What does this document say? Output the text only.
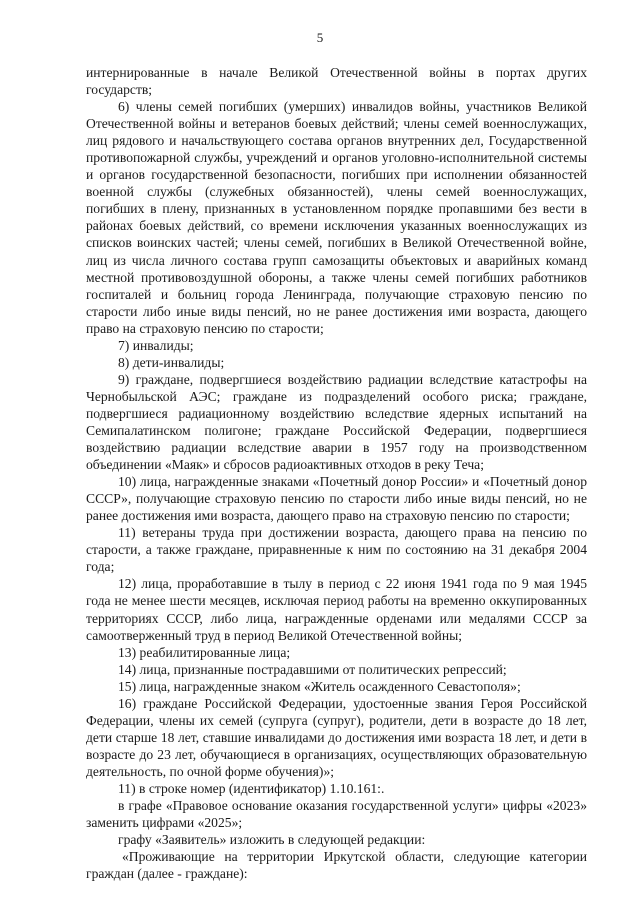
5

интернированные в начале Великой Отечественной войны в портах других государств;

6) члены семей погибших (умерших) инвалидов войны, участников Великой Отечественной войны и ветеранов боевых действий; члены семей военнослужащих, лиц рядового и начальствующего состава органов внутренних дел, Государственной противопожарной службы, учреждений и органов уголовно-исполнительной системы и органов государственной безопасности, погибших при исполнении обязанностей военной службы (служебных обязанностей), члены семей военнослужащих, погибших в плену, признанных в установленном порядке пропавшими без вести в районах боевых действий, со времени исключения указанных военнослужащих из списков воинских частей; члены семей, погибших в Великой Отечественной войне, лиц из числа личного состава групп самозащиты объектовых и аварийных команд местной противовоздушной обороны, а также члены семей погибших работников госпиталей и больниц города Ленинграда, получающие страховую пенсию по старости либо иные виды пенсий, но не ранее достижения ими возраста, дающего право на страховую пенсию по старости;

7) инвалиды;

8) дети-инвалиды;

9) граждане, подвергшиеся воздействию радиации вследствие катастрофы на Чернобыльской АЭС; граждане из подразделений особого риска; граждане, подвергшиеся радиационному воздействию вследствие ядерных испытаний на Семипалатинском полигоне; граждане Российской Федерации, подвергшиеся воздействию радиации вследствие аварии в 1957 году на производственном объединении «Маяк» и сбросов радиоактивных отходов в реку Теча;

10) лица, награжденные знаками «Почетный донор России» и «Почетный донор СССР», получающие страховую пенсию по старости либо иные виды пенсий, но не ранее достижения ими возраста, дающего право на страховую пенсию по старости;

11) ветераны труда при достижении возраста, дающего права на пенсию по старости, а также граждане, приравненные к ним по состоянию на 31 декабря 2004 года;

12) лица, проработавшие в тылу в период с 22 июня 1941 года по 9 мая 1945 года не менее шести месяцев, исключая период работы на временно оккупированных территориях СССР, либо лица, награжденные орденами или медалями СССР за самоотверженный труд в период Великой Отечественной войны;

13) реабилитированные лица;

14) лица, признанные пострадавшими от политических репрессий;

15) лица, награжденные знаком «Житель осажденного Севастополя»;

16) граждане Российской Федерации, удостоенные звания Героя Российской Федерации, члены их семей (супруга (супруг), родители, дети в возрасте до 18 лет, дети старше 18 лет, ставшие инвалидами до достижения ими возраста 18 лет, и дети в возрасте до 23 лет, обучающиеся в организациях, осуществляющих образовательную деятельность, по очной форме обучения)»;

11) в строке номер (идентификатор) 1.10.161:.

в графе «Правовое основание оказания государственной услуги» цифры «2023» заменить цифрами «2025»;

графу «Заявитель» изложить в следующей редакции:

«Проживающие на территории Иркутской области, следующие категории граждан (далее - граждане):
